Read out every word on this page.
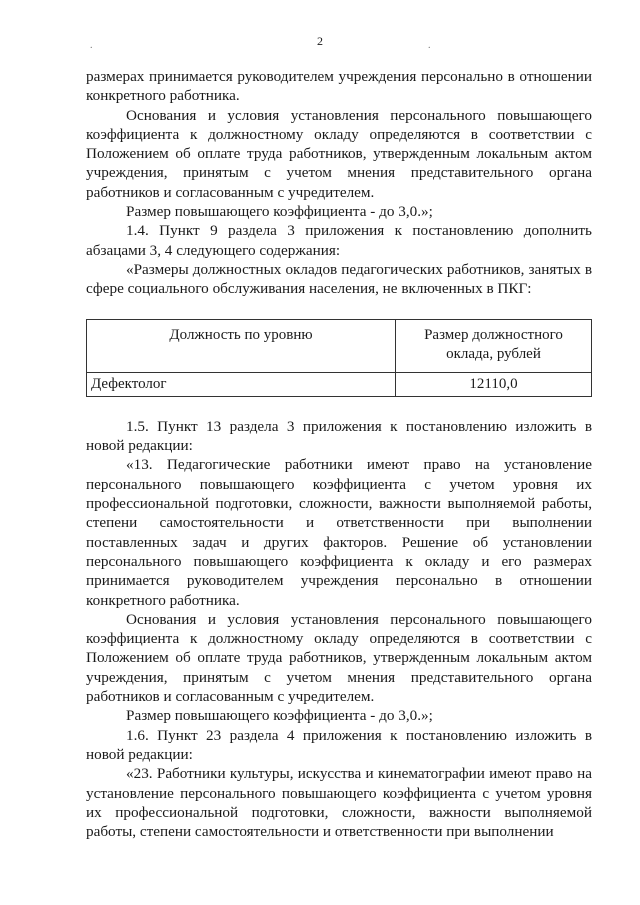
2
.	.

размерах принимается руководителем учреждения персонально в отношении конкретного работника.

Основания и условия установления персонального повышающего коэффициента к должностному окладу определяются в соответствии с Положением об оплате труда работников, утвержденным локальным актом учреждения, принятым с учетом мнения представительного органа работников и согласованным с учредителем.

Размер повышающего коэффициента - до 3,0.»;

1.4. Пункт 9 раздела 3 приложения к постановлению дополнить абзацами 3, 4 следующего содержания:

«Размеры должностных окладов педагогических работников, занятых в сфере социального обслуживания населения, не включенных в ПКГ:

Должность по уровню	Размер должностного оклада, рублей
Дефектолог	12110,0

1.5. Пункт 13 раздела 3 приложения к постановлению изложить в новой редакции:

«13. Педагогические работники имеют право на установление персонального повышающего коэффициента с учетом уровня их профессиональной подготовки, сложности, важности выполняемой работы, степени самостоятельности и ответственности при выполнении поставленных задач и других факторов. Решение об установлении персонального повышающего коэффициента к окладу и его размерах принимается руководителем учреждения персонально в отношении конкретного работника.

Основания и условия установления персонального повышающего коэффициента к должностному окладу определяются в соответствии с Положением об оплате труда работников, утвержденным локальным актом учреждения, принятым с учетом мнения представительного органа работников и согласованным с учредителем.

Размер повышающего коэффициента - до 3,0.»;

1.6. Пункт 23 раздела 4 приложения к постановлению изложить в новой редакции:

«23. Работники культуры, искусства и кинематографии имеют право на установление персонального повышающего коэффициента с учетом уровня их профессиональной подготовки, сложности, важности выполняемой работы, степени самостоятельности и ответственности при выполнении
